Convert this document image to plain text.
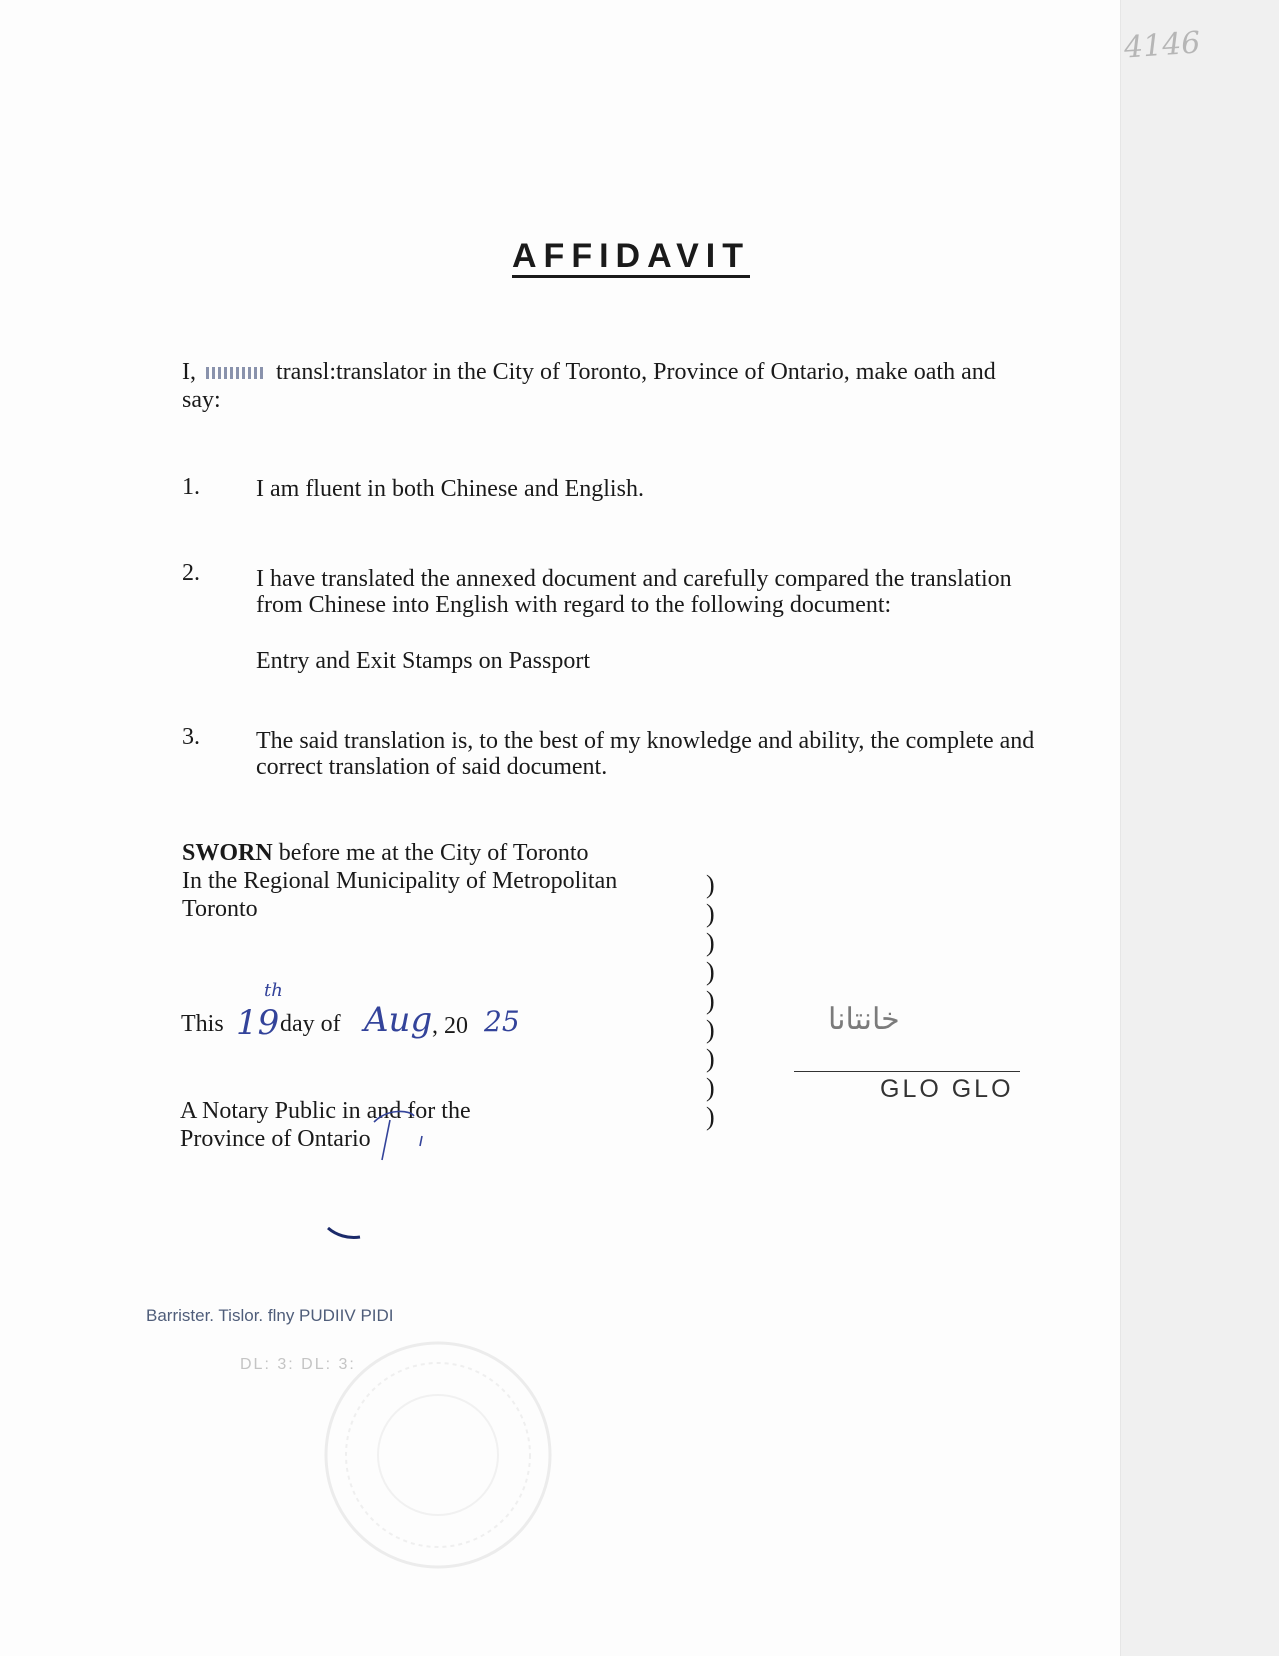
4146
AFFIDAVIT
I,	transl:translator in the City of Toronto, Province of Ontario, make oath and
say:
1. I am fluent in both Chinese and English.
2. I have translated the annexed document and carefully compared the translation
from Chinese into English with regard to the following document:
Entry and Exit Stamps on Passport
3. The said translation is, to the best of my knowledge and ability, the complete and
correct translation of said document.
SWORN before me at the City of Toronto
In the Regional Municipality of Metropolitan
Toronto
This 19
th
day of Aug , 20 25
A Notary Public in and for the
Province of Ontario
)
)
)
)
)
)
)
)
)
ﺧﺎﻧﺘﺎﻧﺎ
GLO GLO
Barrister. Tislor. flny PUDIIV PIDI
DL: 3: DL: 3:
